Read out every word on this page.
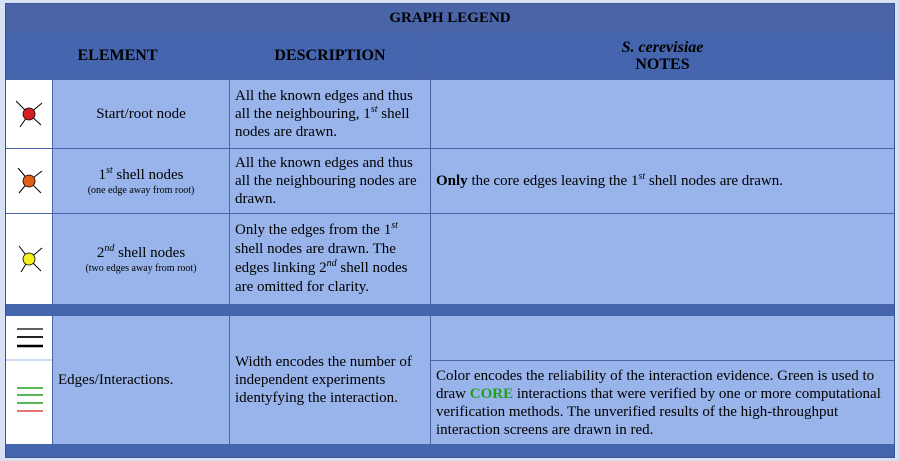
GRAPH LEGEND
ELEMENT	DESCRIPTION	S. cerevisiae
NOTES
Start/root node
All the known edges and thus all the neighbouring, 1st shell nodes are drawn.
1st shell nodes
(one edge away from root)
All the known edges and thus all the neighbouring nodes are drawn.
Only the core edges leaving the 1st shell nodes are drawn.
2nd shell nodes
(two edges away from root)
Only the edges from the 1st shell nodes are drawn. The edges linking 2nd shell nodes are omitted for clarity.
Edges/Interactions.
Width encodes the number of independent experiments identyfying the interaction.
Color encodes the reliability of the interaction evidence. Green is used to draw CORE interactions that were verified by one or more computational verification methods. The unverified results of the high-throughput interaction screens are drawn in red.
